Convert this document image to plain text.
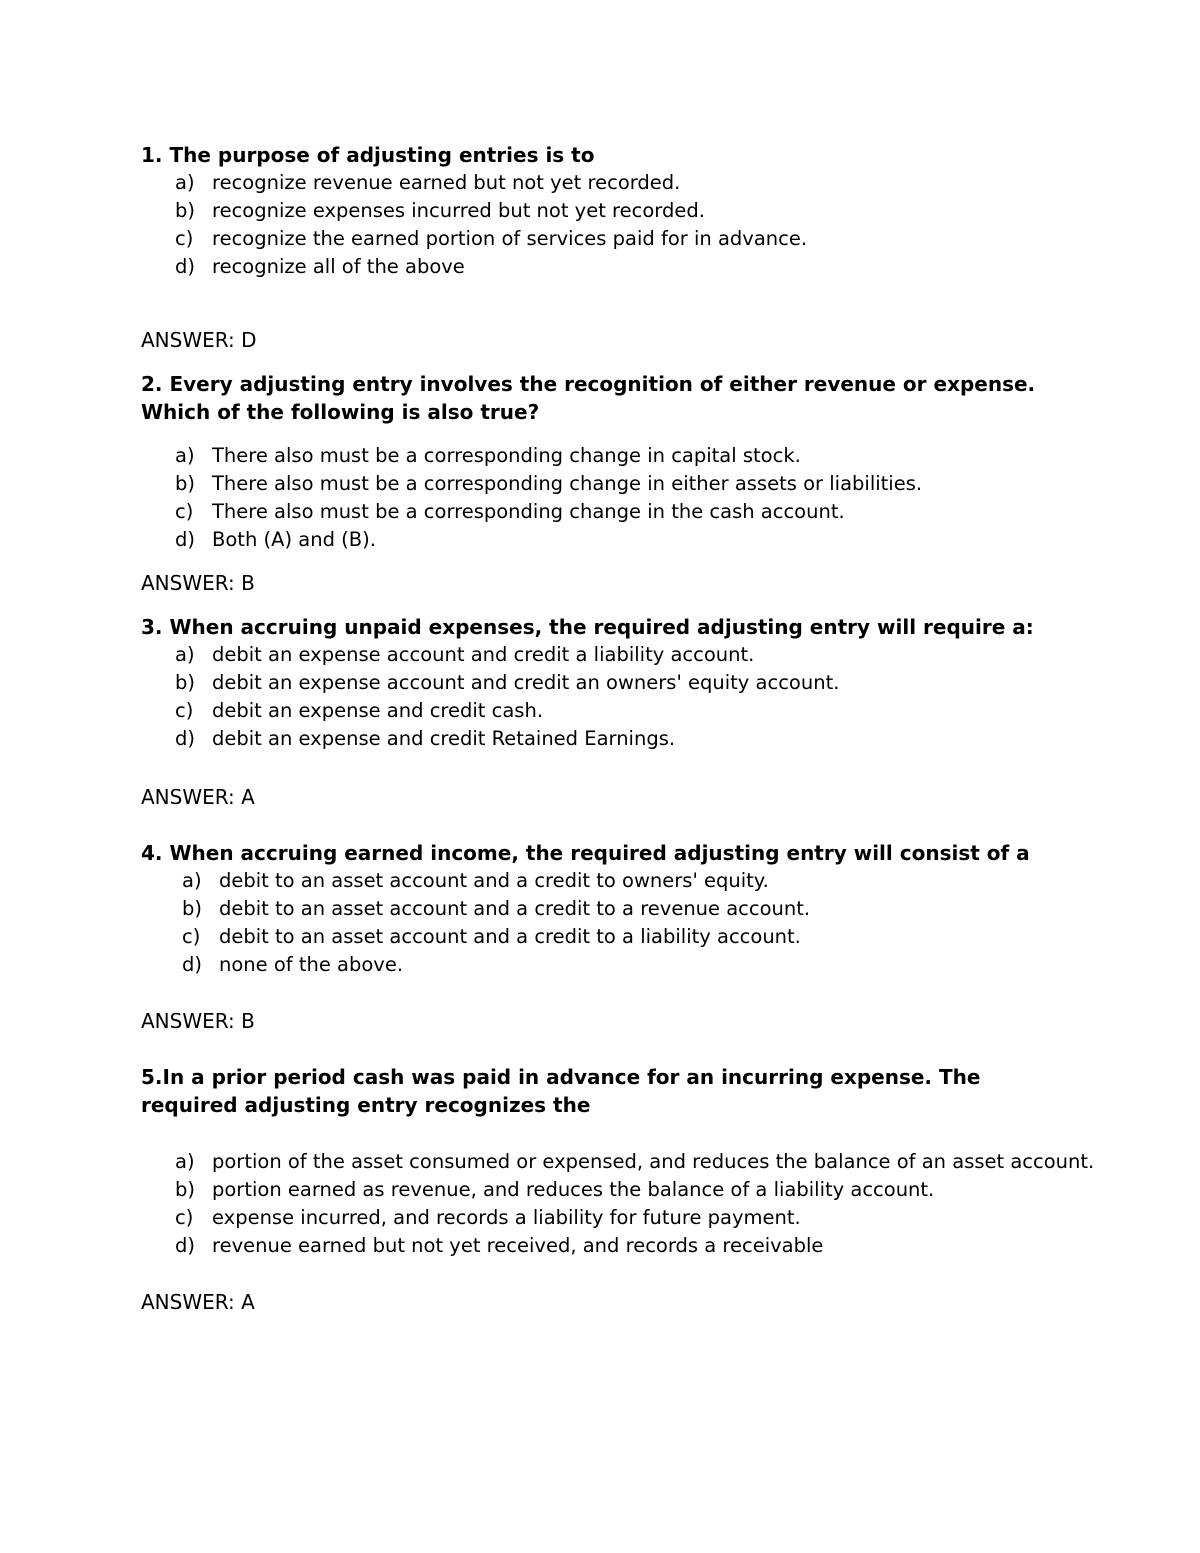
1. The purpose of adjusting entries is to

a) recognize revenue earned but not yet recorded.
b) recognize expenses incurred but not yet recorded.
c) recognize the earned portion of services paid for in advance.
d) recognize all of the above

ANSWER: D

2. Every adjusting entry involves the recognition of either revenue or expense. Which of the following is also true?

a) There also must be a corresponding change in capital stock.
b) There also must be a corresponding change in either assets or liabilities.
c) There also must be a corresponding change in the cash account.
d) Both (A) and (B).

ANSWER: B

3. When accruing unpaid expenses, the required adjusting entry will require a:

a) debit an expense account and credit a liability account.
b) debit an expense account and credit an owners' equity account.
c) debit an expense and credit cash.
d) debit an expense and credit Retained Earnings.

ANSWER: A

4. When accruing earned income, the required adjusting entry will consist of a

a) debit to an asset account and a credit to owners' equity.
b) debit to an asset account and a credit to a revenue account.
c) debit to an asset account and a credit to a liability account.
d) none of the above.

ANSWER: B

5.In a prior period cash was paid in advance for an incurring expense. The required adjusting entry recognizes the

a) portion of the asset consumed or expensed, and reduces the balance of an asset account.
b) portion earned as revenue, and reduces the balance of a liability account.
c) expense incurred, and records a liability for future payment.
d) revenue earned but not yet received, and records a receivable

ANSWER: A
